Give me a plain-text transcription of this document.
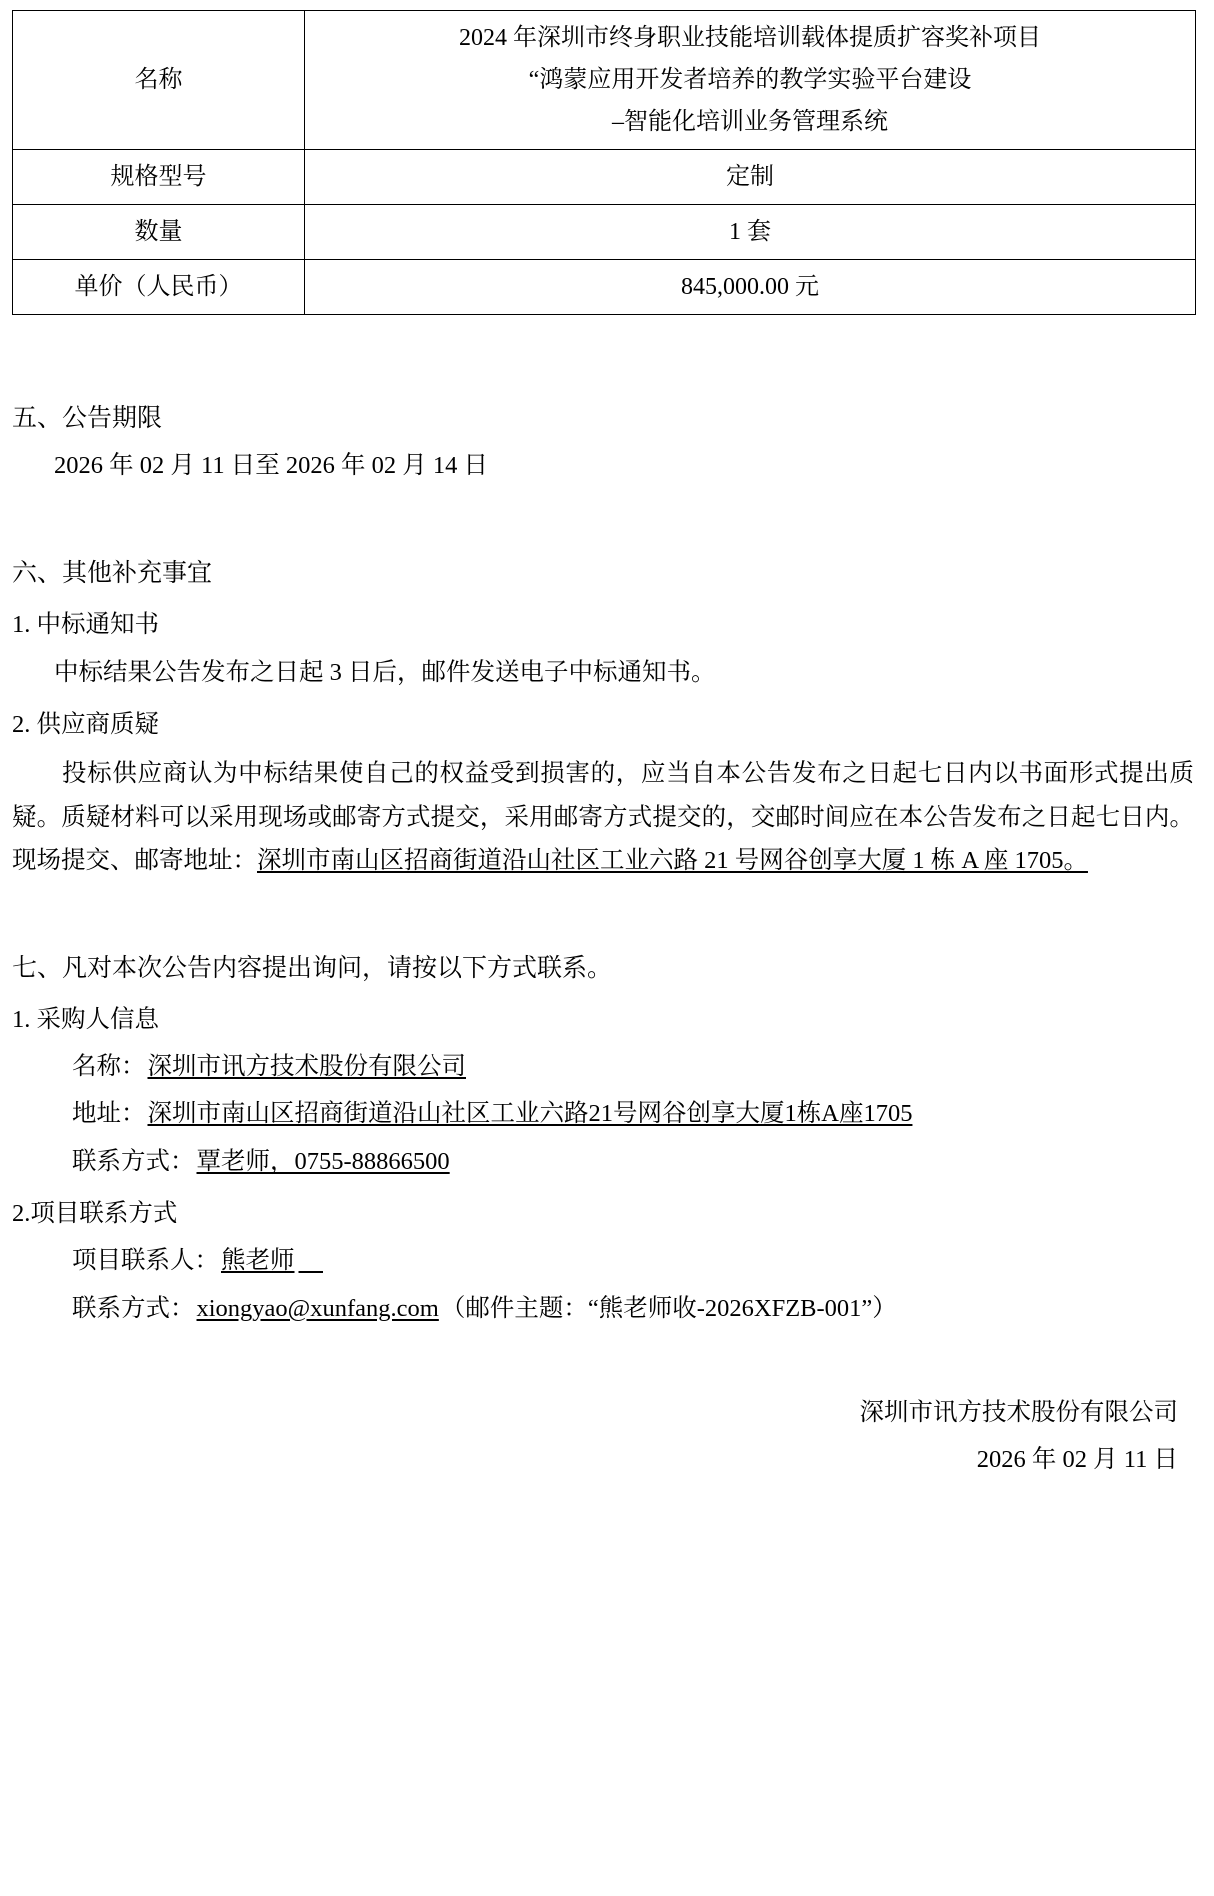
名称	2024 年深圳市终身职业技能培训载体提质扩容奖补项目
“鸿蒙应用开发者培养的教学实验平台建设
–智能化培训业务管理系统

规格型号	定制
数量	1 套
单价（人民币）	845,000.00 元
五、公告期限
2026 年 02 月 11 日至 2026 年 02 月 14 日
六、其他补充事宜
1. 中标通知书
中标结果公告发布之日起 3 日后，邮件发送电子中标通知书。
2. 供应商质疑
投标供应商认为中标结果使自己的权益受到损害的，应当自本公告发布之日起七日内以书面形式提出质疑。质疑材料可以采用现场或邮寄方式提交，采用邮寄方式提交的，交邮时间应在本公告发布之日起七日内。现场提交、邮寄地址：深圳市南山区招商街道沿山社区工业六路 21 号网谷创享大厦 1 栋 A 座 1705。
七、凡对本次公告内容提出询问，请按以下方式联系。
1. 采购人信息
名称：深圳市讯方技术股份有限公司
地址：深圳市南山区招商街道沿山社区工业六路21号网谷创享大厦1栋A座1705
联系方式：覃老师，0755-88866500
2.项目联系方式
项目联系人：熊老师
联系方式：xiongyao@xunfang.com（邮件主题：“熊老师收-2026XFZB-001”）
深圳市讯方技术股份有限公司
2026 年 02 月 11 日
